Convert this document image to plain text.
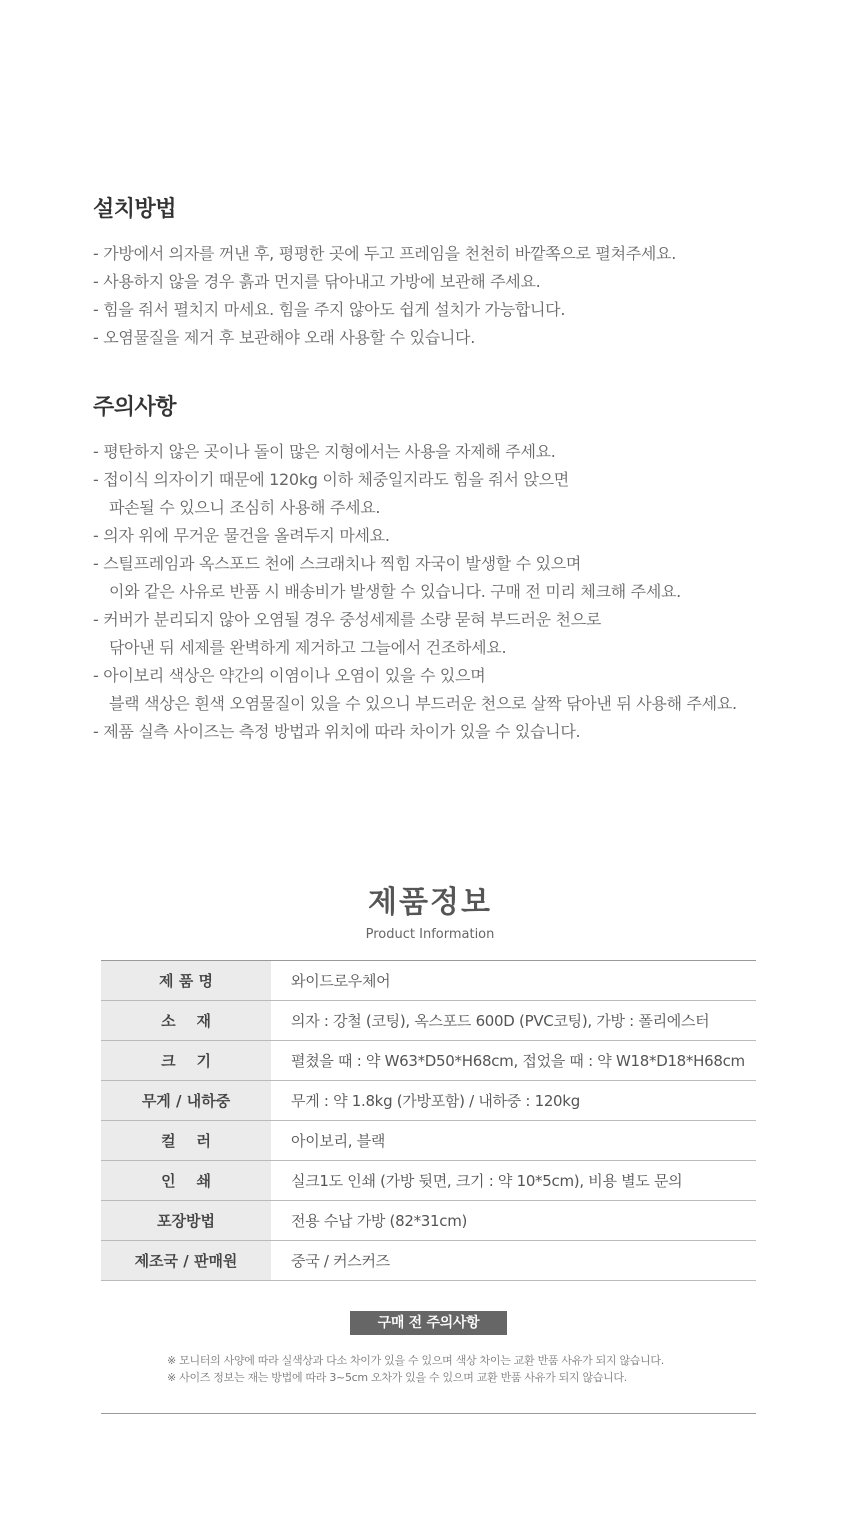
설치방법
- 가방에서 의자를 꺼낸 후, 평평한 곳에 두고 프레임을 천천히 바깥쪽으로 펼쳐주세요.
- 사용하지 않을 경우 흙과 먼지를 닦아내고 가방에 보관해 주세요.
- 힘을 줘서 펼치지 마세요. 힘을 주지 않아도 쉽게 설치가 가능합니다.
- 오염물질을 제거 후 보관해야 오래 사용할 수 있습니다.
주의사항
- 평탄하지 않은 곳이나 돌이 많은 지형에서는 사용을 자제해 주세요.
- 접이식 의자이기 때문에 120kg 이하 체중일지라도 힘을 줘서 앉으면
파손될 수 있으니 조심히 사용해 주세요.
- 의자 위에 무거운 물건을 올려두지 마세요.
- 스틸프레임과 옥스포드 천에 스크래치나 찍힘 자국이 발생할 수 있으며
이와 같은 사유로 반품 시 배송비가 발생할 수 있습니다. 구매 전 미리 체크해 주세요.
- 커버가 분리되지 않아 오염될 경우 중성세제를 소량 묻혀 부드러운 천으로
닦아낸 뒤 세제를 완벽하게 제거하고 그늘에서 건조하세요.
- 아이보리 색상은 약간의 이염이나 오염이 있을 수 있으며
블랙 색상은 흰색 오염물질이 있을 수 있으니 부드러운 천으로 살짝 닦아낸 뒤 사용해 주세요.
- 제품 실측 사이즈는 측정 방법과 위치에 따라 차이가 있을 수 있습니다.
제품정보
Product Information
제 품 명	와이드로우체어
소    재	의자 : 강철 (코팅), 옥스포드 600D (PVC코팅), 가방 : 폴리에스터
크    기	펼쳤을 때 : 약 W63*D50*H68cm, 접었을 때 : 약 W18*D18*H68cm
무게 / 내하중	무게 : 약 1.8kg (가방포함) / 내하중 : 120kg
컬    러	아이보리, 블랙
인    쇄	실크1도 인쇄 (가방 뒷면, 크기 : 약 10*5cm), 비용 별도 문의
포장방법	전용 수납 가방 (82*31cm)
제조국 / 판매원	중국 / 커스커즈
구매 전 주의사항

※ 모니터의 사양에 따라 실색상과 다소 차이가 있을 수 있으며 색상 차이는 교환 반품 사유가 되지 않습니다.

※ 사이즈 정보는 재는 방법에 따라 3~5cm 오차가 있을 수 있으며 교환 반품 사유가 되지 않습니다.
